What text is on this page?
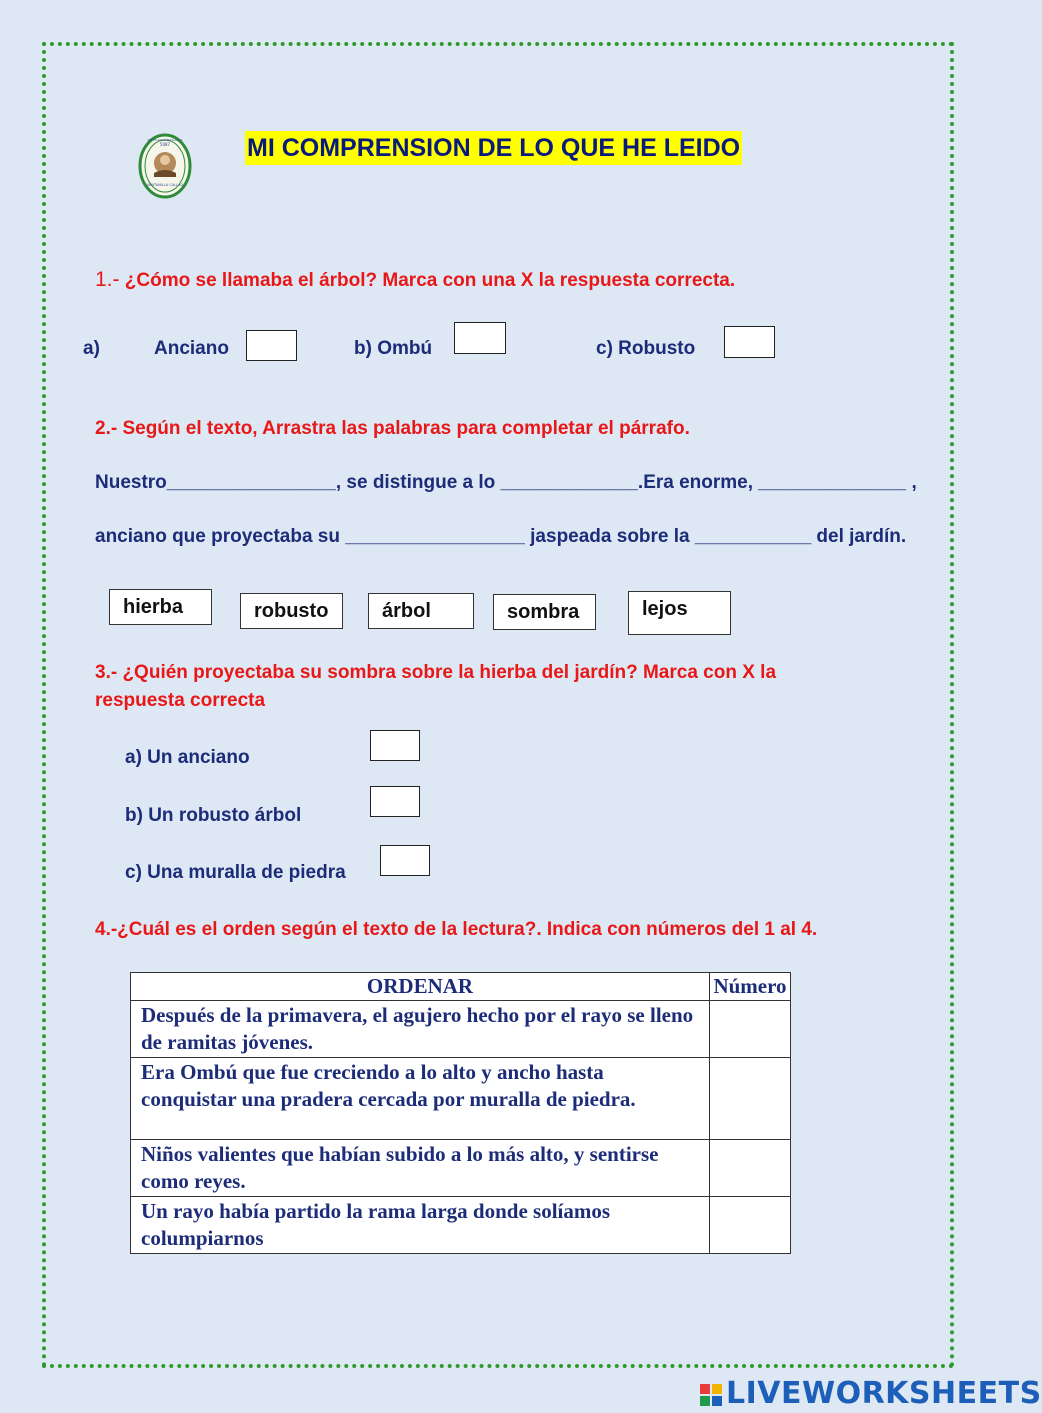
5087
VENTANILLA CALLAO
INSTITUCIÓN EDUCATIVA	MI COMPRENSION DE LO QUE HE LEIDO
1.- ¿Cómo se llamaba el árbol? Marca con una X la respuesta correcta.
a)	Anciano	b) Ombú	c) Robusto
2.- Según el texto, Arrastra las palabras para completar el párrafo.
Nuestro________________, se distingue a lo _____________.Era enorme, ______________ ,
anciano que proyectaba su _________________ jaspeada sobre la ___________ del jardín.
hierba	robusto	árbol	sombra	lejos
3.- ¿Quién proyectaba su sombra sobre la hierba del jardín? Marca con X la
respuesta correcta
a) Un anciano
b) Un robusto árbol
c) Una muralla de piedra
4.-¿Cuál es el orden según el texto de la lectura?. Indica con números del 1 al 4.
ORDENAR	Número
Después de la primavera, el agujero hecho por el rayo se lleno de ramitas jóvenes.	
Era Ombú que fue creciendo a lo alto y ancho hasta conquistar una pradera cercada por muralla de piedra.	
Niños valientes que habían subido a lo más alto, y sentirse como reyes.	
Un rayo había partido la rama larga donde solíamos columpiarnos	
LIVEWORKSHEETS
